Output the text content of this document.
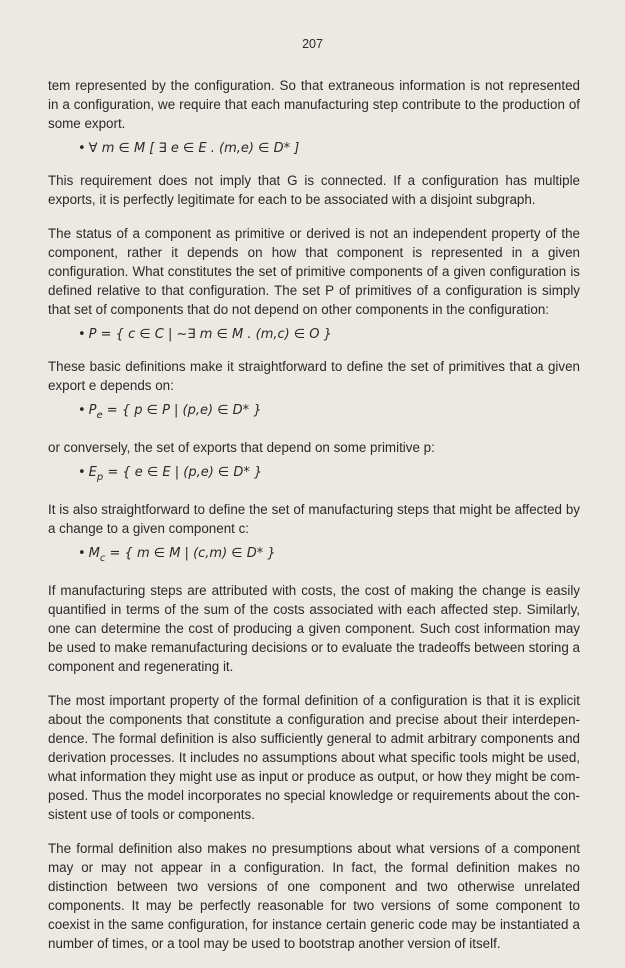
207

tem represented by the configuration. So that extraneous information is not represented in a configuration, we require that each manufacturing step contribute to the production of some export.

• ∀ m ∈ M [ ∃ e ∈ E . (m,e) ∈ D* ]

This requirement does not imply that G is connected. If a configuration has multiple exports, it is perfectly legitimate for each to be associated with a disjoint subgraph.

The status of a component as primitive or derived is not an independent property of the component, rather it depends on how that component is represented in a given configuration. What constitutes the set of primitive components of a given configuration is defined relative to that configuration. The set P of primitives of a configuration is simply that set of components that do not depend on other components in the configuration:

• P = { c ∈ C | ~∃ m ∈ M . (m,c) ∈ O }

These basic definitions make it straightforward to define the set of primitives that a given export e depends on:

• $P_e$ = { p ∈ P | (p,e) ∈ D* }

or conversely, the set of exports that depend on some primitive p:

• $E_p$ = { e ∈ E | (p,e) ∈ D* }

It is also straightforward to define the set of manufacturing steps that might be affected by a change to a given component c:

• $M_c$ = { m ∈ M | (c,m) ∈ D* }

If manufacturing steps are attributed with costs, the cost of making the change is easily quantified in terms of the sum of the costs associated with each affected step. Similarly, one can determine the cost of producing a given component. Such cost information may be used to make remanufacturing decisions or to evaluate the tradeoffs between storing a component and regenerating it.

The most important property of the formal definition of a configuration is that it is explicit about the components that constitute a configuration and precise about their interdependence. The formal definition is also sufficiently general to admit arbitrary components and derivation processes. It includes no assumptions about what specific tools might be used, what information they might use as input or produce as output, or how they might be composed. Thus the model incorporates no special knowledge or requirements about the consistent use of tools or components.

The formal definition also makes no presumptions about what versions of a component may or may not appear in a configuration. In fact, the formal definition makes no distinction between two versions of one component and two otherwise unrelated components. It may be perfectly reasonable for two versions of some component to coexist in the same configuration, for instance certain generic code may be instantiated a number of times, or a tool may be used to bootstrap another version of itself.
